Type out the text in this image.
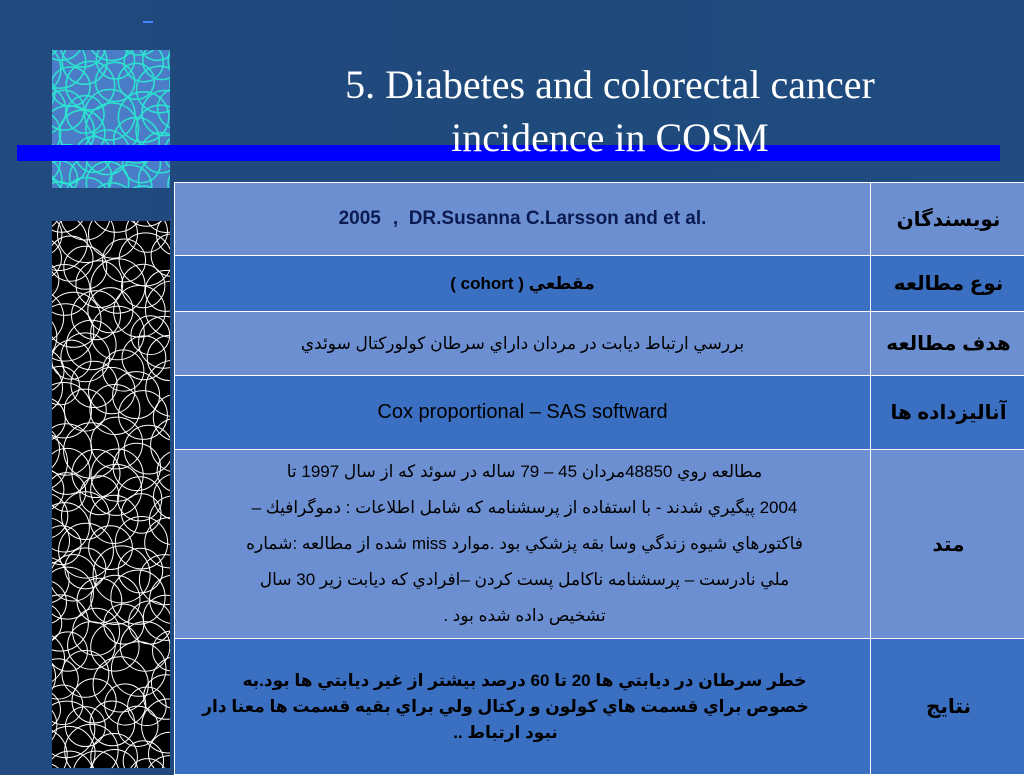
5. Diabetes and colorectal cancer
incidence in COSM
2005 , DR.Susanna C.Larsson and et al.	نويسندگان
مقطعي ( cohort )	نوع مطالعه
بررسي ارتباط ديابت در مردان داراي سرطان كولوركتال سوئدي	هدف مطالعه
Cox proportional – SAS softward	آناليزداده ها

مطالعه روي 48850مردان 45 – 79 ساله در سوئد كه از سال 1997 تا
2004 پيگيري شدند - با استفاده از پرسشنامه كه شامل اطلاعات : دموگرافيك –
فاكتورهاي شيوه زندگي وسا بقه پزشكي بود .موارد miss شده از مطالعه :شماره
ملي نادرست – پرسشنامه ناكامل پست كردن –افرادي كه ديابت زير 30 سال
تشخيص داده شده بود .	متد

خطر سرطان در ديابتي ها 20 تا 60 درصد بيشتر از غير ديابتي ها بود.به
خصوص براي قسمت هاي كولون و ركتال ولي براي بقيه قسمت ها معنا دار
نبود ارتباط ..	نتايج
